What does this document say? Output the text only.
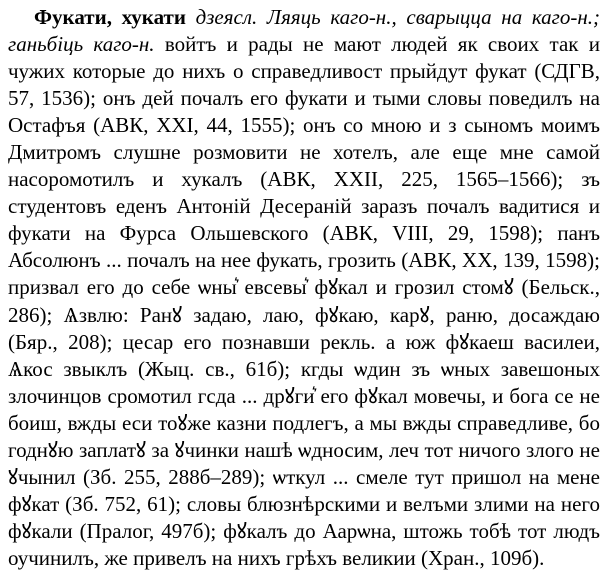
Фукати, хукати дзеясл. Ляяць каго-н., сварыцца на каго-н.; ганьбіць каго-н. войтъ и рады не мают людей як своих так и чужих которые до нихъ о справедливост прыйдут фукат (СДГВ, 57, 1536); онъ дей почалъ его фукати и тыми словы поведилъ на Остафъя (АВК, XXI, 44, 1555); онъ со мною и з сыномъ моимъ Дмитромъ слушне розмовити не хотелъ, але еще мне самой насоромотилъ и хукалъ (АВК, XXII, 225, 1565–1566); зъ студентовъ еденъ Антоній Десераній заразъ почалъ вадитися и фукати на Фурса Ольшевского (АВК, VIII, 29, 1598); панъ Абсолюнъ ... почалъ на нее фукать, грозить (АВК, XX, 139, 1598); призвал его до себе ѡны͛ евсевы͛ фꙋкал и грозил стомꙋ (Бельск., 286); Ѧзвлю: Ранꙋ задаю, лаю, фꙋкаю, карꙋ, раню, досаждаю (Бяр., 208); цесар его познавши рекль. а юж фꙋкаеш василеи, Ѧкос звыклъ (Жыц. св., 61б); кгды ѡдин зъ ѡных завешоных злочинцов сромотил гсда ... дрꙋги͛ его фꙋкал мовечы, и бога се не боиш, вжды еси тоꙋже казни подлегъ, а мы вжды справедливе, бо годнꙋю заплатꙋ за ꙋчинки нашѣ ѡдносим, леч тот ничого злого не ꙋчынил (Зб. 255, 288б–289); ѡткул ... смеле тут пришол на мене фꙋкат (Зб. 752, 61); словы блюзнѣрскими и велъми злими на него фꙋкали (Пралог, 497б); фꙋкалъ до Аарѡна, штожь тобѣ тот людъ оучинилъ, же привелъ на нихъ грѣхъ великии (Хран., 109б).
